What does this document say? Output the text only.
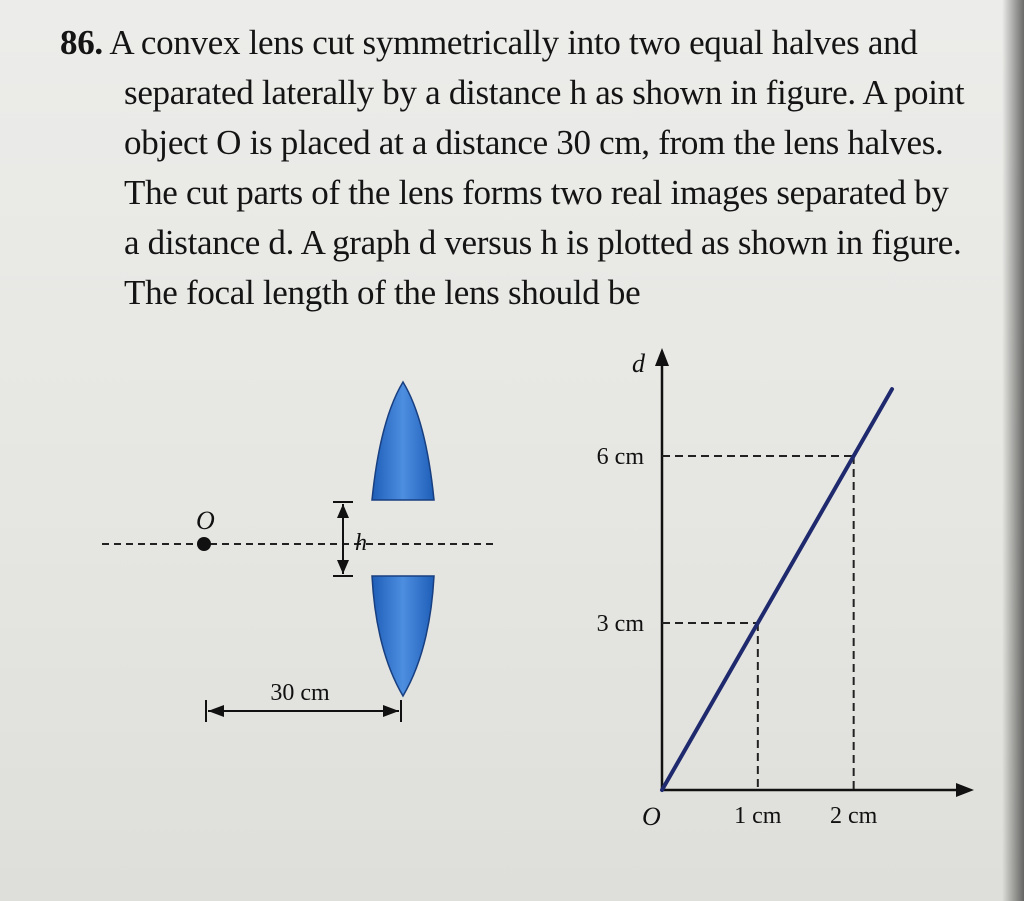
86. A convex lens cut symmetrically into two equal halves and
separated laterally by a distance h as shown in figure. A point
object O is placed at a distance 30 cm, from the lens halves.
The cut parts of the lens forms two real images separated by
a distance d. A graph d versus h is plotted as shown in figure.
The focal length of the lens should be
O
h
30 cm
d
O	1 cm 2 cm
3 cm
6 cm
